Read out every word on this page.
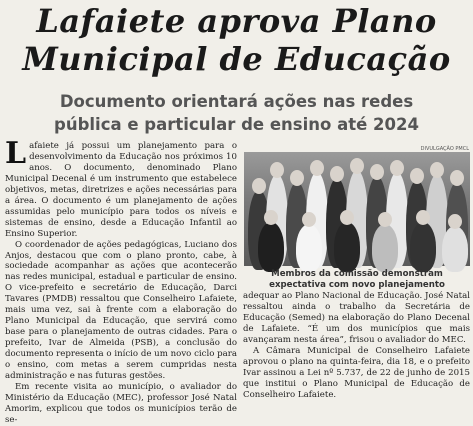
Lafaiete aprova Plano
Municipal de Educação
Documento orientará ações nas redes
pública e particular de ensino até 2024

Lafaiete já possui um planejamento para o desenvolvimento da Educação nos próximos 10 anos. O documento, denominado Plano Municipal Decenal é um instrumento que estabelece objetivos, metas, diretrizes e ações necessárias para a área. O documento é um planejamento de ações assumidas pelo município para todos os níveis e sistemas de ensino, desde a Educação Infantil ao Ensino Superior.

O coordenador de ações pedagógicas, Luciano dos Anjos, destacou que com o plano pronto, cabe, à sociedade acompanhar as ações que acontecerão nas redes municipal, estadual e particular de ensino. O vice-prefeito e secretário de Educação, Darci Tavares (PMDB) ressaltou que Conselheiro Lafaiete, mais uma vez, sai à frente com a elaboração do Plano Municipal da Educação, que servirá como base para o planejamento de outras cidades. Para o prefeito, Ivar de Almeida (PSB), a conclusão do documento representa o início de um novo ciclo para o ensino, com metas a serem cumpridas nesta administração e nas futuras gestões.

Em recente visita ao município, o avaliador do Ministério da Educação (MEC), professor José Natal Amorim, explicou que todos os municípios terão de se-

DIVULGAÇÃO PMCL
Membros da comissão demonstram expectativa com novo planejamento

adequar ao Plano Nacional de Educação. José Natal ressaltou ainda o trabalho da Secretária de Educação (Semed) na elaboração do Plano Decenal de Lafaiete. “É um dos municípios que mais avançaram nesta área”, frisou o avaliador do MEC.

A Câmara Municipal de Conselheiro Lafaiete aprovou o plano na quinta-feira, dia 18, e o prefeito Ivar assinou a Lei nº 5.737, de 22 de junho de 2015 que institui o Plano Municipal de Educação de Conselheiro Lafaiete.
